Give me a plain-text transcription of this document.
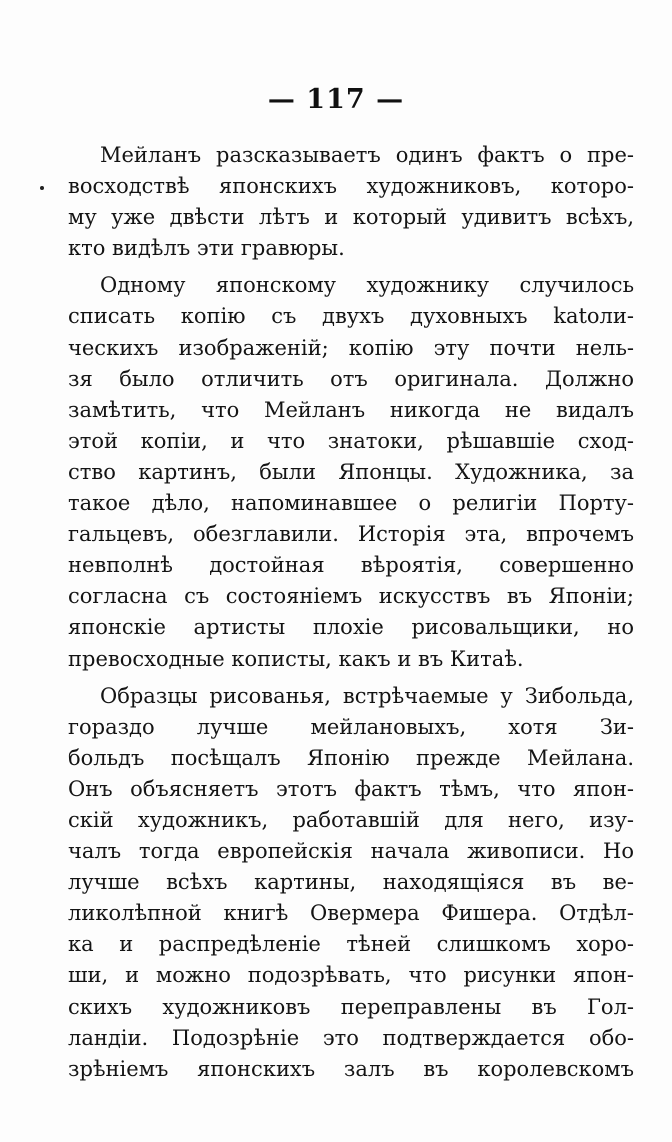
— 117 —
Мейланъ разсказываетъ одинъ фактъ о пре-
восходствѣ японскихъ художниковъ, которо-
му уже двѣсти лѣтъ и который удивитъ всѣхъ,
кто видѣлъ эти гравюры.
Одному японскому художнику случилось
списать копію съ двухъ духовныхъ katoли-
ческихъ изображеній; копію эту почти нель-
зя было отличить отъ оригинала. Должно
замѣтить, что Мейланъ никогда не видалъ
этой копіи, и что знатоки, рѣшавшіе сход-
ство картинъ, были Японцы. Художника, за
такое дѣло, напоминавшее о религіи Порту-
гальцевъ, обезглавили. Исторія эта, впрочемъ
невполнѣ достойная вѣроятія, совершенно
согласна съ состояніемъ искусствъ въ Японіи;
японскіе артисты плохіе рисовальщики, но
превосходные кописты, какъ и въ Китаѣ.
Образцы рисованья, встрѣчаемые у Зибольда,
гораздо лучше мейлановыхъ, хотя Зи-
больдъ посѣщалъ Японію прежде Мейлана.
Онъ объясняетъ этотъ фактъ тѣмъ, что япон-
скій художникъ, работавшій для него, изу-
чалъ тогда европейскія начала живописи. Но
лучше всѣхъ картины, находящіяся въ ве-
ликолѣпной книгѣ Овермера Фишера. Отдѣл-
ка и распредѣленіе тѣней слишкомъ хоро-
ши, и можно подозрѣвать, что рисунки япон-
скихъ художниковъ переправлены въ Гол-
ландіи. Подозрѣніе это подтверждается обо-
зрѣніемъ японскихъ залъ въ королевскомъ
